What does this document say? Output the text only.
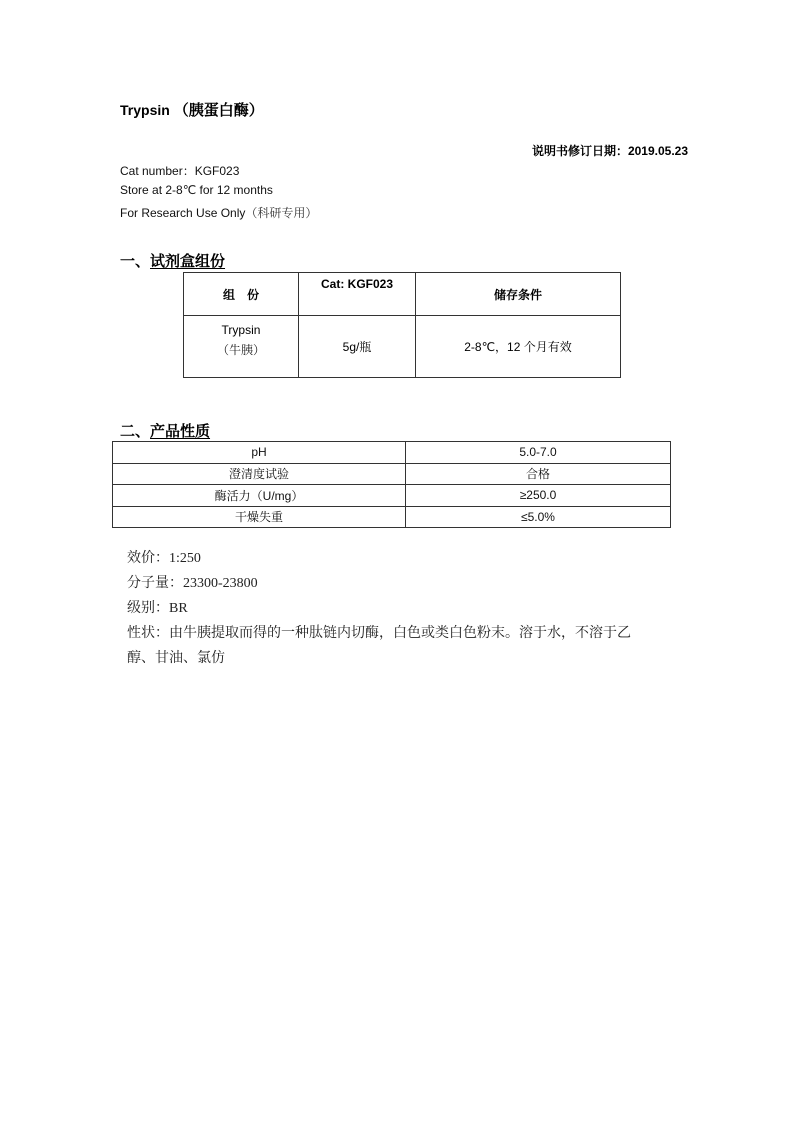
Trypsin （胰蛋白酶）
说明书修订日期：2019.05.23
Cat number：KGF023
Store at 2-8℃ for 12 months
For Research Use Only（科研专用）
一、试剂盒组份
组　份	Cat: KGF023	储存条件

Trypsin
（牛胰）	5g/瓶	2-8℃，12 个月有效
二、产品性质
pH	5.0-7.0
澄清度试验	合格
酶活力（U/mg）	≥250.0
干燥失重	≤5.0%
效价：1:250
分子量：23300-23800
级别：BR
性状：由牛胰提取而得的一种肽链内切酶，白色或类白色粉末。溶于水，不溶于乙
醇、甘油、氯仿
